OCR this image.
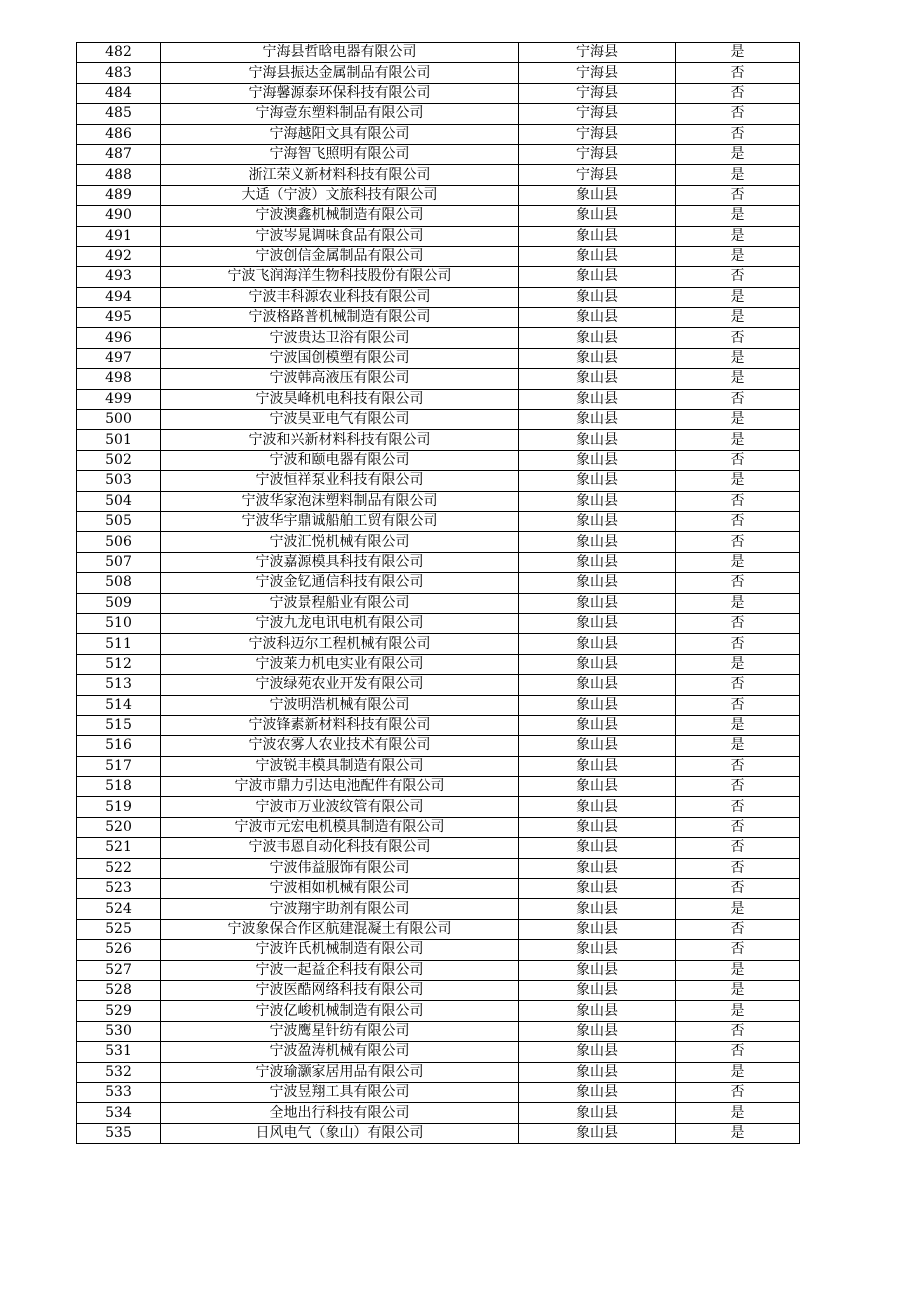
482	宁海县哲晗电器有限公司	宁海县	是
483	宁海县振达金属制品有限公司	宁海县	否
484	宁海馨源泰环保科技有限公司	宁海县	否
485	宁海壹东塑料制品有限公司	宁海县	否
486	宁海越阳文具有限公司	宁海县	否
487	宁海智飞照明有限公司	宁海县	是
488	浙江荣义新材料科技有限公司	宁海县	是
489	大适（宁波）文旅科技有限公司	象山县	否
490	宁波澳鑫机械制造有限公司	象山县	是
491	宁波岑晁调味食品有限公司	象山县	是
492	宁波创信金属制品有限公司	象山县	是
493	宁波飞润海洋生物科技股份有限公司	象山县	否
494	宁波丰科源农业科技有限公司	象山县	是
495	宁波格路普机械制造有限公司	象山县	是
496	宁波贵达卫浴有限公司	象山县	否
497	宁波国创模塑有限公司	象山县	是
498	宁波韩高液压有限公司	象山县	是
499	宁波昊峰机电科技有限公司	象山县	否
500	宁波昊亚电气有限公司	象山县	是
501	宁波和兴新材料科技有限公司	象山县	是
502	宁波和颐电器有限公司	象山县	否
503	宁波恒祥泵业科技有限公司	象山县	是
504	宁波华家泡沫塑料制品有限公司	象山县	否
505	宁波华宇鼎诚船舶工贸有限公司	象山县	否
506	宁波汇悦机械有限公司	象山县	否
507	宁波嘉源模具科技有限公司	象山县	是
508	宁波金钇通信科技有限公司	象山县	否
509	宁波景程船业有限公司	象山县	是
510	宁波九龙电讯电机有限公司	象山县	否
511	宁波科迈尔工程机械有限公司	象山县	否
512	宁波莱力机电实业有限公司	象山县	是
513	宁波绿苑农业开发有限公司	象山县	否
514	宁波明浩机械有限公司	象山县	否
515	宁波锋素新材料科技有限公司	象山县	是
516	宁波农雾人农业技术有限公司	象山县	是
517	宁波锐丰模具制造有限公司	象山县	否
518	宁波市鼎力引达电池配件有限公司	象山县	否
519	宁波市万业波纹管有限公司	象山县	否
520	宁波市元宏电机模具制造有限公司	象山县	否
521	宁波韦恩自动化科技有限公司	象山县	否
522	宁波伟益服饰有限公司	象山县	否
523	宁波相如机械有限公司	象山县	否
524	宁波翔宇助剂有限公司	象山县	是
525	宁波象保合作区航建混凝土有限公司	象山县	否
526	宁波许氏机械制造有限公司	象山县	否
527	宁波一起益企科技有限公司	象山县	是
528	宁波医酷网络科技有限公司	象山县	是
529	宁波亿峻机械制造有限公司	象山县	是
530	宁波鹰星针纺有限公司	象山县	否
531	宁波盈涛机械有限公司	象山县	否
532	宁波瑜灏家居用品有限公司	象山县	是
533	宁波昱翔工具有限公司	象山县	否
534	全地出行科技有限公司	象山县	是
535	日风电气（象山）有限公司	象山县	是
